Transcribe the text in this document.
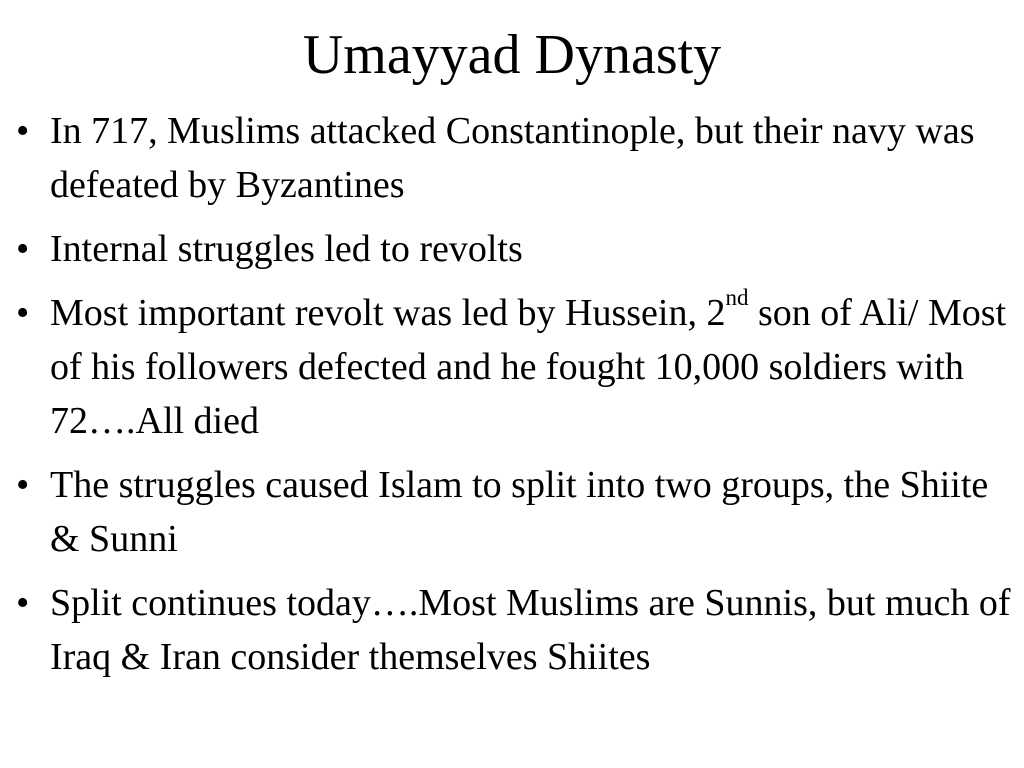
Umayyad Dynasty
• In 717, Muslims attacked Constantinople, but their navy was defeated by Byzantines
• Internal struggles led to revolts
• Most important revolt was led by Hussein, 2nd son of Ali/ Most of his followers defected and he fought 10,000 soldiers with 72….All died
• The struggles caused Islam to split into two groups, the Shiite & Sunni
• Split continues today….Most Muslims are Sunnis, but much of Iraq & Iran consider themselves Shiites
